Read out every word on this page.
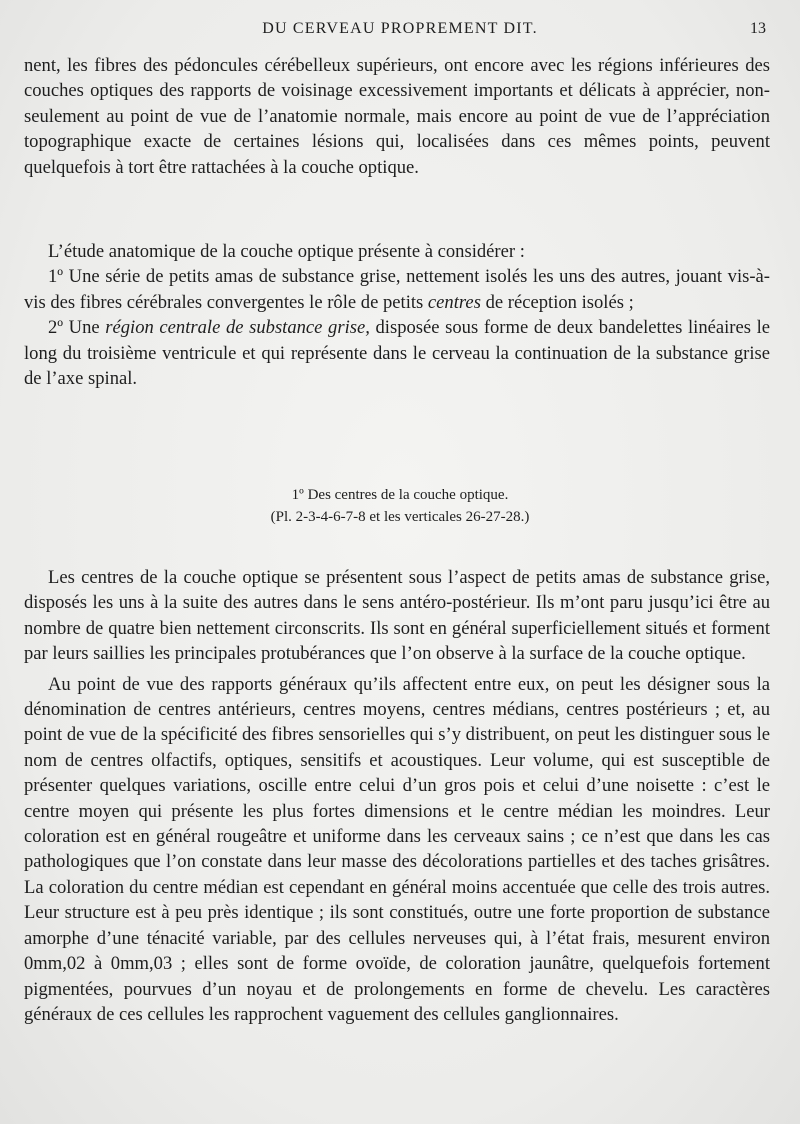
DU CERVEAU PROPREMENT DIT.	13

nent, les fibres des pédoncules cérébelleux supérieurs, ont encore avec les régions inférieures des couches optiques des rapports de voisinage excessivement importants et délicats à apprécier, non-seulement au point de vue de l’anatomie normale, mais encore au point de vue de l’appréciation topographique exacte de certaines lésions qui, localisées dans ces mêmes points, peuvent quelquefois à tort être rattachées à la couche optique.

L’étude anatomique de la couche optique présente à considérer :

1º Une série de petits amas de substance grise, nettement isolés les uns des autres, jouant vis-à-vis des fibres cérébrales convergentes le rôle de petits centres de réception isolés ;

2º Une région centrale de substance grise, disposée sous forme de deux bandelettes linéaires le long du troisième ventricule et qui représente dans le cerveau la continuation de la substance grise de l’axe spinal.

1º Des centres de la couche optique.
(Pl. 2-3-4-6-7-8 et les verticales 26-27-28.)

Les centres de la couche optique se présentent sous l’aspect de petits amas de substance grise, disposés les uns à la suite des autres dans le sens antéro-postérieur. Ils m’ont paru jusqu’ici être au nombre de quatre bien nettement circonscrits. Ils sont en général superficiellement situés et forment par leurs saillies les principales protubérances que l’on observe à la surface de la couche optique.

Au point de vue des rapports généraux qu’ils affectent entre eux, on peut les désigner sous la dénomination de centres antérieurs, centres moyens, centres médians, centres postérieurs ; et, au point de vue de la spécificité des fibres sensorielles qui s’y distribuent, on peut les distinguer sous le nom de centres olfactifs, optiques, sensitifs et acoustiques. Leur volume, qui est susceptible de présenter quelques variations, oscille entre celui d’un gros pois et celui d’une noisette : c’est le centre moyen qui présente les plus fortes dimensions et le centre médian les moindres. Leur coloration est en général rougeâtre et uniforme dans les cerveaux sains ; ce n’est que dans les cas pathologiques que l’on constate dans leur masse des décolorations partielles et des taches grisâtres. La coloration du centre médian est cependant en général moins accentuée que celle des trois autres. Leur structure est à peu près identique ; ils sont constitués, outre une forte proportion de substance amorphe d’une ténacité variable, par des cellules nerveuses qui, à l’état frais, mesurent environ 0mm,02 à 0mm,03 ; elles sont de forme ovoïde, de coloration jaunâtre, quelquefois fortement pigmentées, pourvues d’un noyau et de prolongements en forme de chevelu. Les caractères généraux de ces cellules les rapprochent vaguement des cellules ganglionnaires.
